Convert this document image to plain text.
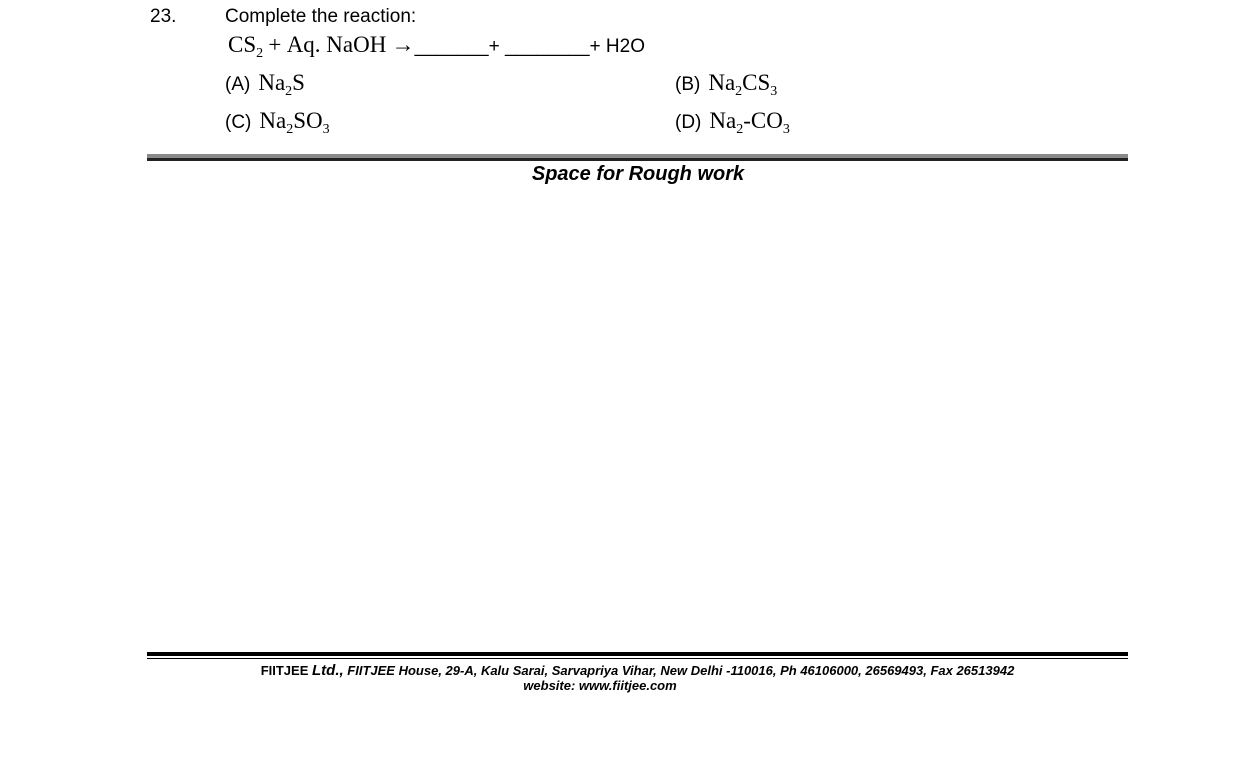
23.	Complete the reaction:
$CS_2 + Aq$. NaOH →_______+ ________+ H2O
(A) $Na_2S$	(B) $Na_2CS_3$
(C) $Na_2SO_3$	(D) $Na_2-CO_3$
Space for Rough work
FIITJEE Ltd., FIITJEE House, 29-A, Kalu Sarai, Sarvapriya Vihar, New Delhi -110016, Ph 46106000, 26569493, Fax 26513942
website: www.fiitjee.com
